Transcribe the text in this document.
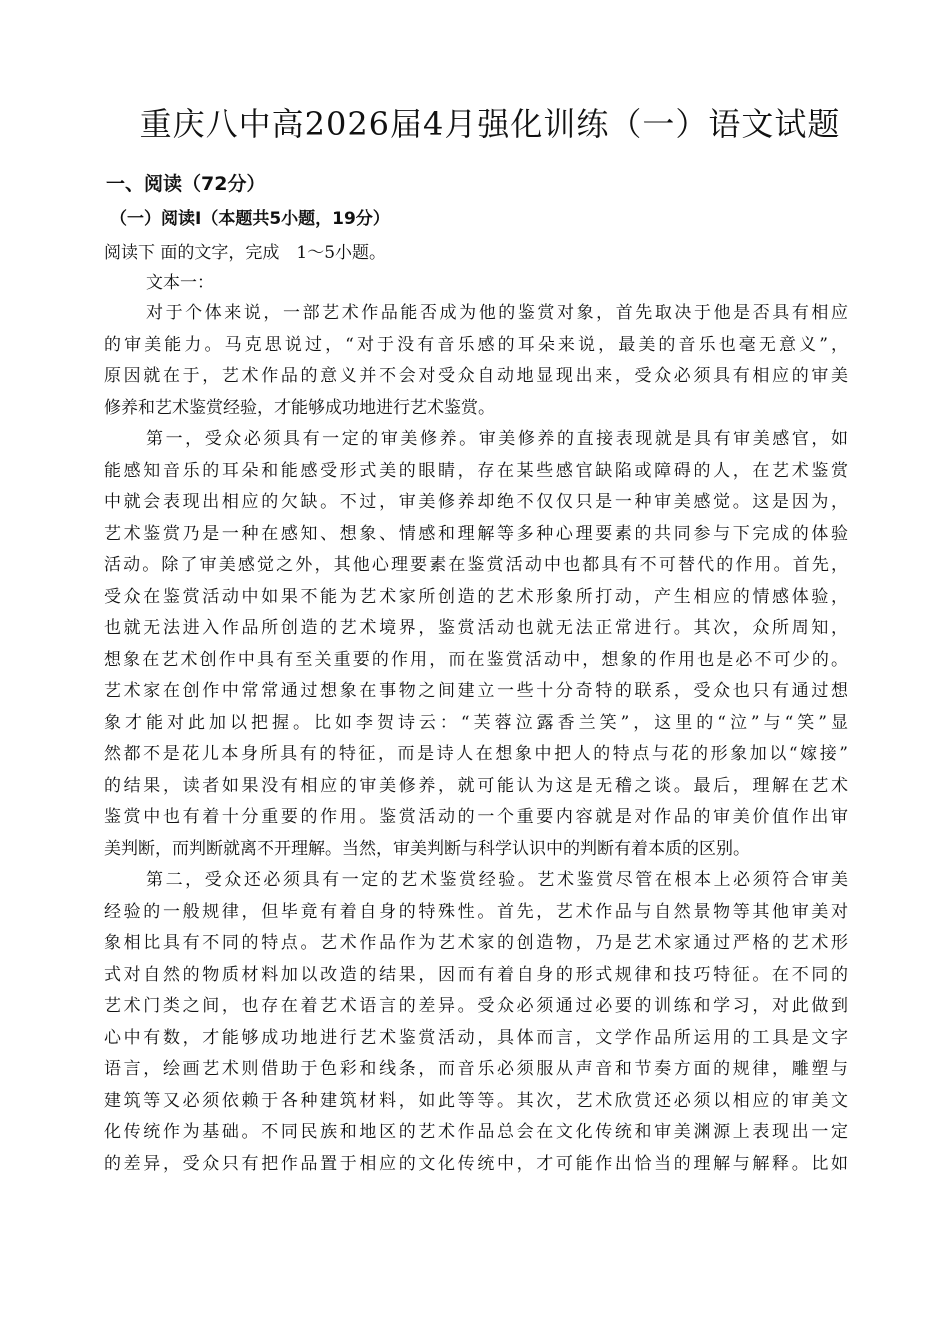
重庆八中高2026届4月强化训练（一）语文试题
一、阅读（72分）
（一）阅读Ⅰ（本题共5小题，19分）
阅读下 面的文字，完成　1～5小题。
文本一：
对于个体来说，一部艺术作品能否成为他的鉴赏对象，首先取决于他是否具有相应
的审美能力。马克思说过，“对于没有音乐感的耳朵来说，最美的音乐也毫无意义”，
原因就在于，艺术作品的意义并不会对受众自动地显现出来，受众必须具有相应的审美
修养和艺术鉴赏经验，才能够成功地进行艺术鉴赏。
第一，受众必须具有一定的审美修养。审美修养的直接表现就是具有审美感官，如
能感知音乐的耳朵和能感受形式美的眼睛，存在某些感官缺陷或障碍的人，在艺术鉴赏
中就会表现出相应的欠缺。不过，审美修养却绝不仅仅只是一种审美感觉。这是因为，
艺术鉴赏乃是一种在感知、想象、情感和理解等多种心理要素的共同参与下完成的体验
活动。除了审美感觉之外，其他心理要素在鉴赏活动中也都具有不可替代的作用。首先，
受众在鉴赏活动中如果不能为艺术家所创造的艺术形象所打动，产生相应的情感体验，
也就无法进入作品所创造的艺术境界，鉴赏活动也就无法正常进行。其次，众所周知，
想象在艺术创作中具有至关重要的作用，而在鉴赏活动中，想象的作用也是必不可少的。
艺术家在创作中常常通过想象在事物之间建立一些十分奇特的联系，受众也只有通过想
象才能对此加以把握。比如李贺诗云：“芙蓉泣露香兰笑”，这里的“泣”与“笑”显
然都不是花儿本身所具有的特征，而是诗人在想象中把人的特点与花的形象加以“嫁接”
的结果，读者如果没有相应的审美修养，就可能认为这是无稽之谈。最后，理解在艺术
鉴赏中也有着十分重要的作用。鉴赏活动的一个重要内容就是对作品的审美价值作出审
美判断，而判断就离不开理解。当然，审美判断与科学认识中的判断有着本质的区别。
第二，受众还必须具有一定的艺术鉴赏经验。艺术鉴赏尽管在根本上必须符合审美
经验的一般规律，但毕竟有着自身的特殊性。首先，艺术作品与自然景物等其他审美对
象相比具有不同的特点。艺术作品作为艺术家的创造物，乃是艺术家通过严格的艺术形
式对自然的物质材料加以改造的结果，因而有着自身的形式规律和技巧特征。在不同的
艺术门类之间，也存在着艺术语言的差异。受众必须通过必要的训练和学习，对此做到
心中有数，才能够成功地进行艺术鉴赏活动，具体而言，文学作品所运用的工具是文字
语言，绘画艺术则借助于色彩和线条，而音乐必须服从声音和节奏方面的规律，雕塑与
建筑等又必须依赖于各种建筑材料，如此等等。其次，艺术欣赏还必须以相应的审美文
化传统作为基础。不同民族和地区的艺术作品总会在文化传统和审美渊源上表现出一定
的差异，受众只有把作品置于相应的文化传统中，才可能作出恰当的理解与解释。比如
